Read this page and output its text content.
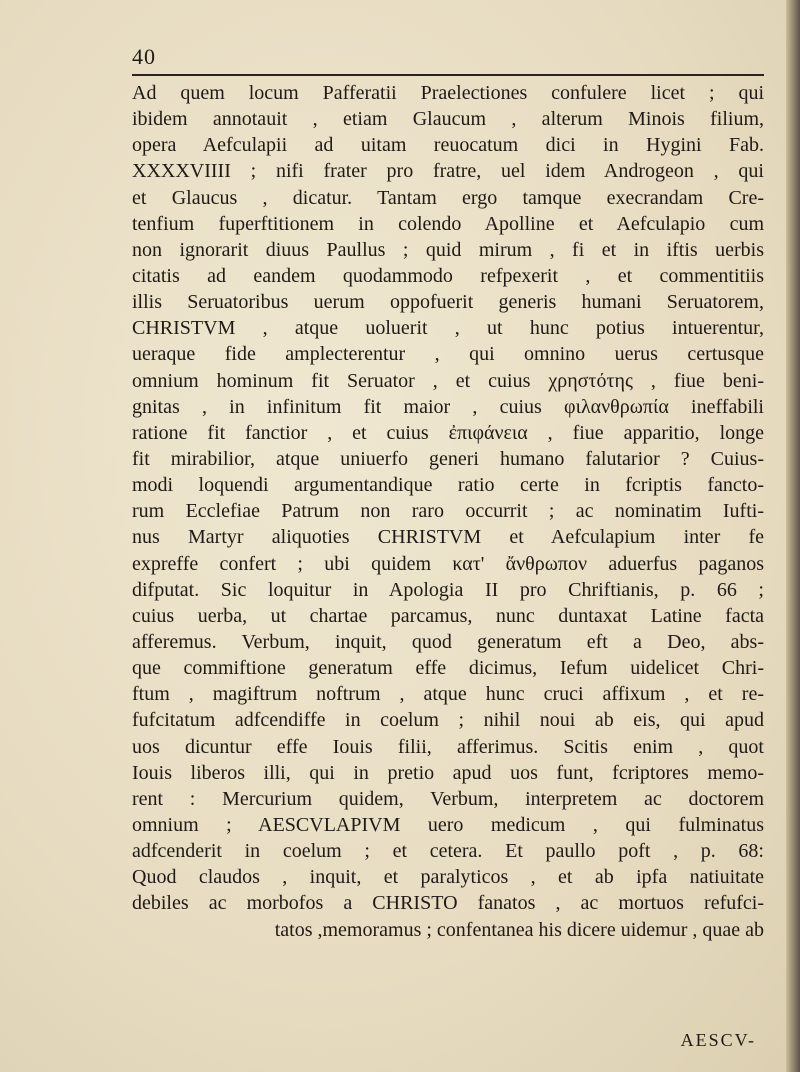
40
Ad quem locum Pafferatii Praelectiones confulere licet ; qui
ibidem annotauit , etiam Glaucum , alterum Minois filium,
opera Aefculapii ad uitam reuocatum dici in Hygini Fab.
XXXXVIIII ; nifi frater pro fratre, uel idem Androgeon , qui
et Glaucus , dicatur. Tantam ergo tamque execrandam Cre-
tenfium fuperftitionem in colendo Apolline et Aefculapio cum
non ignorarit diuus Paullus ; quid mirum , fi et in iftis uerbis
citatis ad eandem quodammodo refpexerit , et commentitiis
illis Seruatoribus uerum oppofuerit generis humani Seruatorem,
CHRISTVM , atque uoluerit , ut hunc potius intuerentur,
ueraque fide amplecterentur , qui omnino uerus certusque
omnium hominum fit Seruator , et cuius χρηστότης , fiue beni-
gnitas , in infinitum fit maior , cuius φιλανθρωπία ineffabili
ratione fit fanctior , et cuius ἐπιφάνεια , fiue apparitio, longe
fit mirabilior, atque uniuerfo generi humano falutarior ? Cuius-
modi loquendi argumentandique ratio certe in fcriptis fancto-
rum Ecclefiae Patrum non raro occurrit ; ac nominatim Iufti-
nus Martyr aliquoties CHRISTVM et Aefculapium inter fe
expreffe confert ; ubi quidem κατ' ἄνθρωπον aduerfus paganos
difputat. Sic loquitur in Apologia II pro Chriftianis, p. 66 ;
cuius uerba, ut chartae parcamus, nunc duntaxat Latine facta
afferemus. Verbum, inquit, quod generatum eft a Deo, abs-
que commiftione generatum effe dicimus, Iefum uidelicet Chri-
ftum , magiftrum noftrum , atque hunc cruci affixum , et re-
fufcitatum adfcendiffe in coelum ; nihil noui ab eis, qui apud
uos dicuntur effe Iouis filii, afferimus. Scitis enim , quot
Iouis liberos illi, qui in pretio apud uos funt, fcriptores memo-
rent : Mercurium quidem, Verbum, interpretem ac doctorem
omnium ; AESCVLAPIVM uero medicum , qui fulminatus
adfcenderit in coelum ; et cetera. Et paullo poft , p. 68:
Quod claudos , inquit, et paralyticos , et ab ipfa natiuitate
debiles ac morbofos a CHRISTO fanatos , ac mortuos refufci-
tatos ,memoramus ; confentanea his dicere uidemur , quae ab
AESCV-
